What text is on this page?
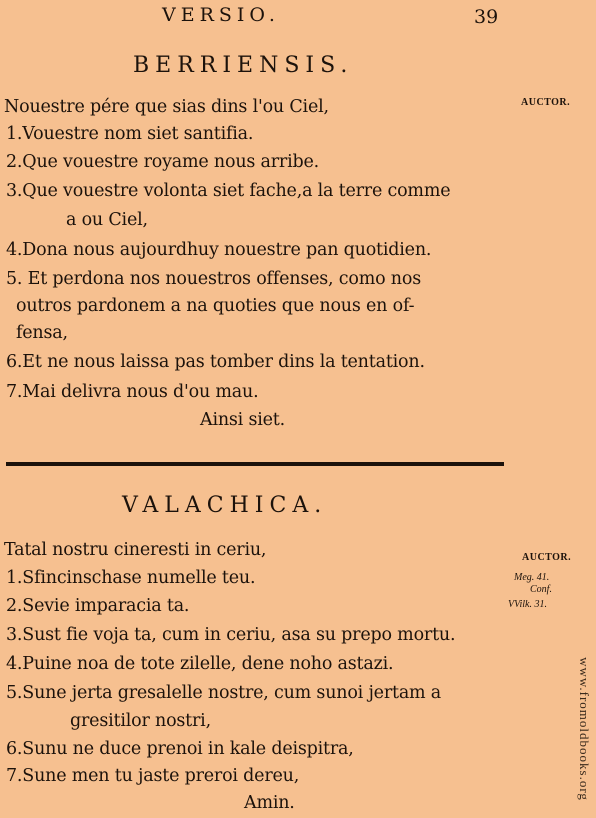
VERSIO.	39
BERRIENSIS.
AUCTOR.
Nouestre pére que sias dins l'ou Ciel,
1.Vouestre nom siet santifia.
2.Que vouestre royame nous arribe.
3.Que vouestre volonta siet fache,a la terre comme
a ou Ciel,
4.Dona nous aujourdhuy nouestre pan quotidien.
5. Et perdona nos nouestros offenses, como nos
outros pardonem a na quoties que nous en of-
fensa,
6.Et ne nous laissa pas tomber dins la tentation.
7.Mai delivra nous d'ou mau.
Ainsi siet.
VALACHICA.
AUCTOR.
Meg. 41.
Conf.
VVilk. 31.
Tatal nostru cineresti in ceriu,
1.Sfincinschase numelle teu.
2.Sevie imparacia ta.
3.Sust fie voja ta, cum in ceriu, asa su prepo mortu.
4.Puine noa de tote zilelle, dene noho astazi.
5.Sune jerta gresalelle nostre, cum sunoi jertam a
gresitilor nostri,
6.Sunu ne duce prenoi in kale deispitra,
7.Sune men tu jaste preroi dereu,
Amin.
www.fromoldbooks.org
